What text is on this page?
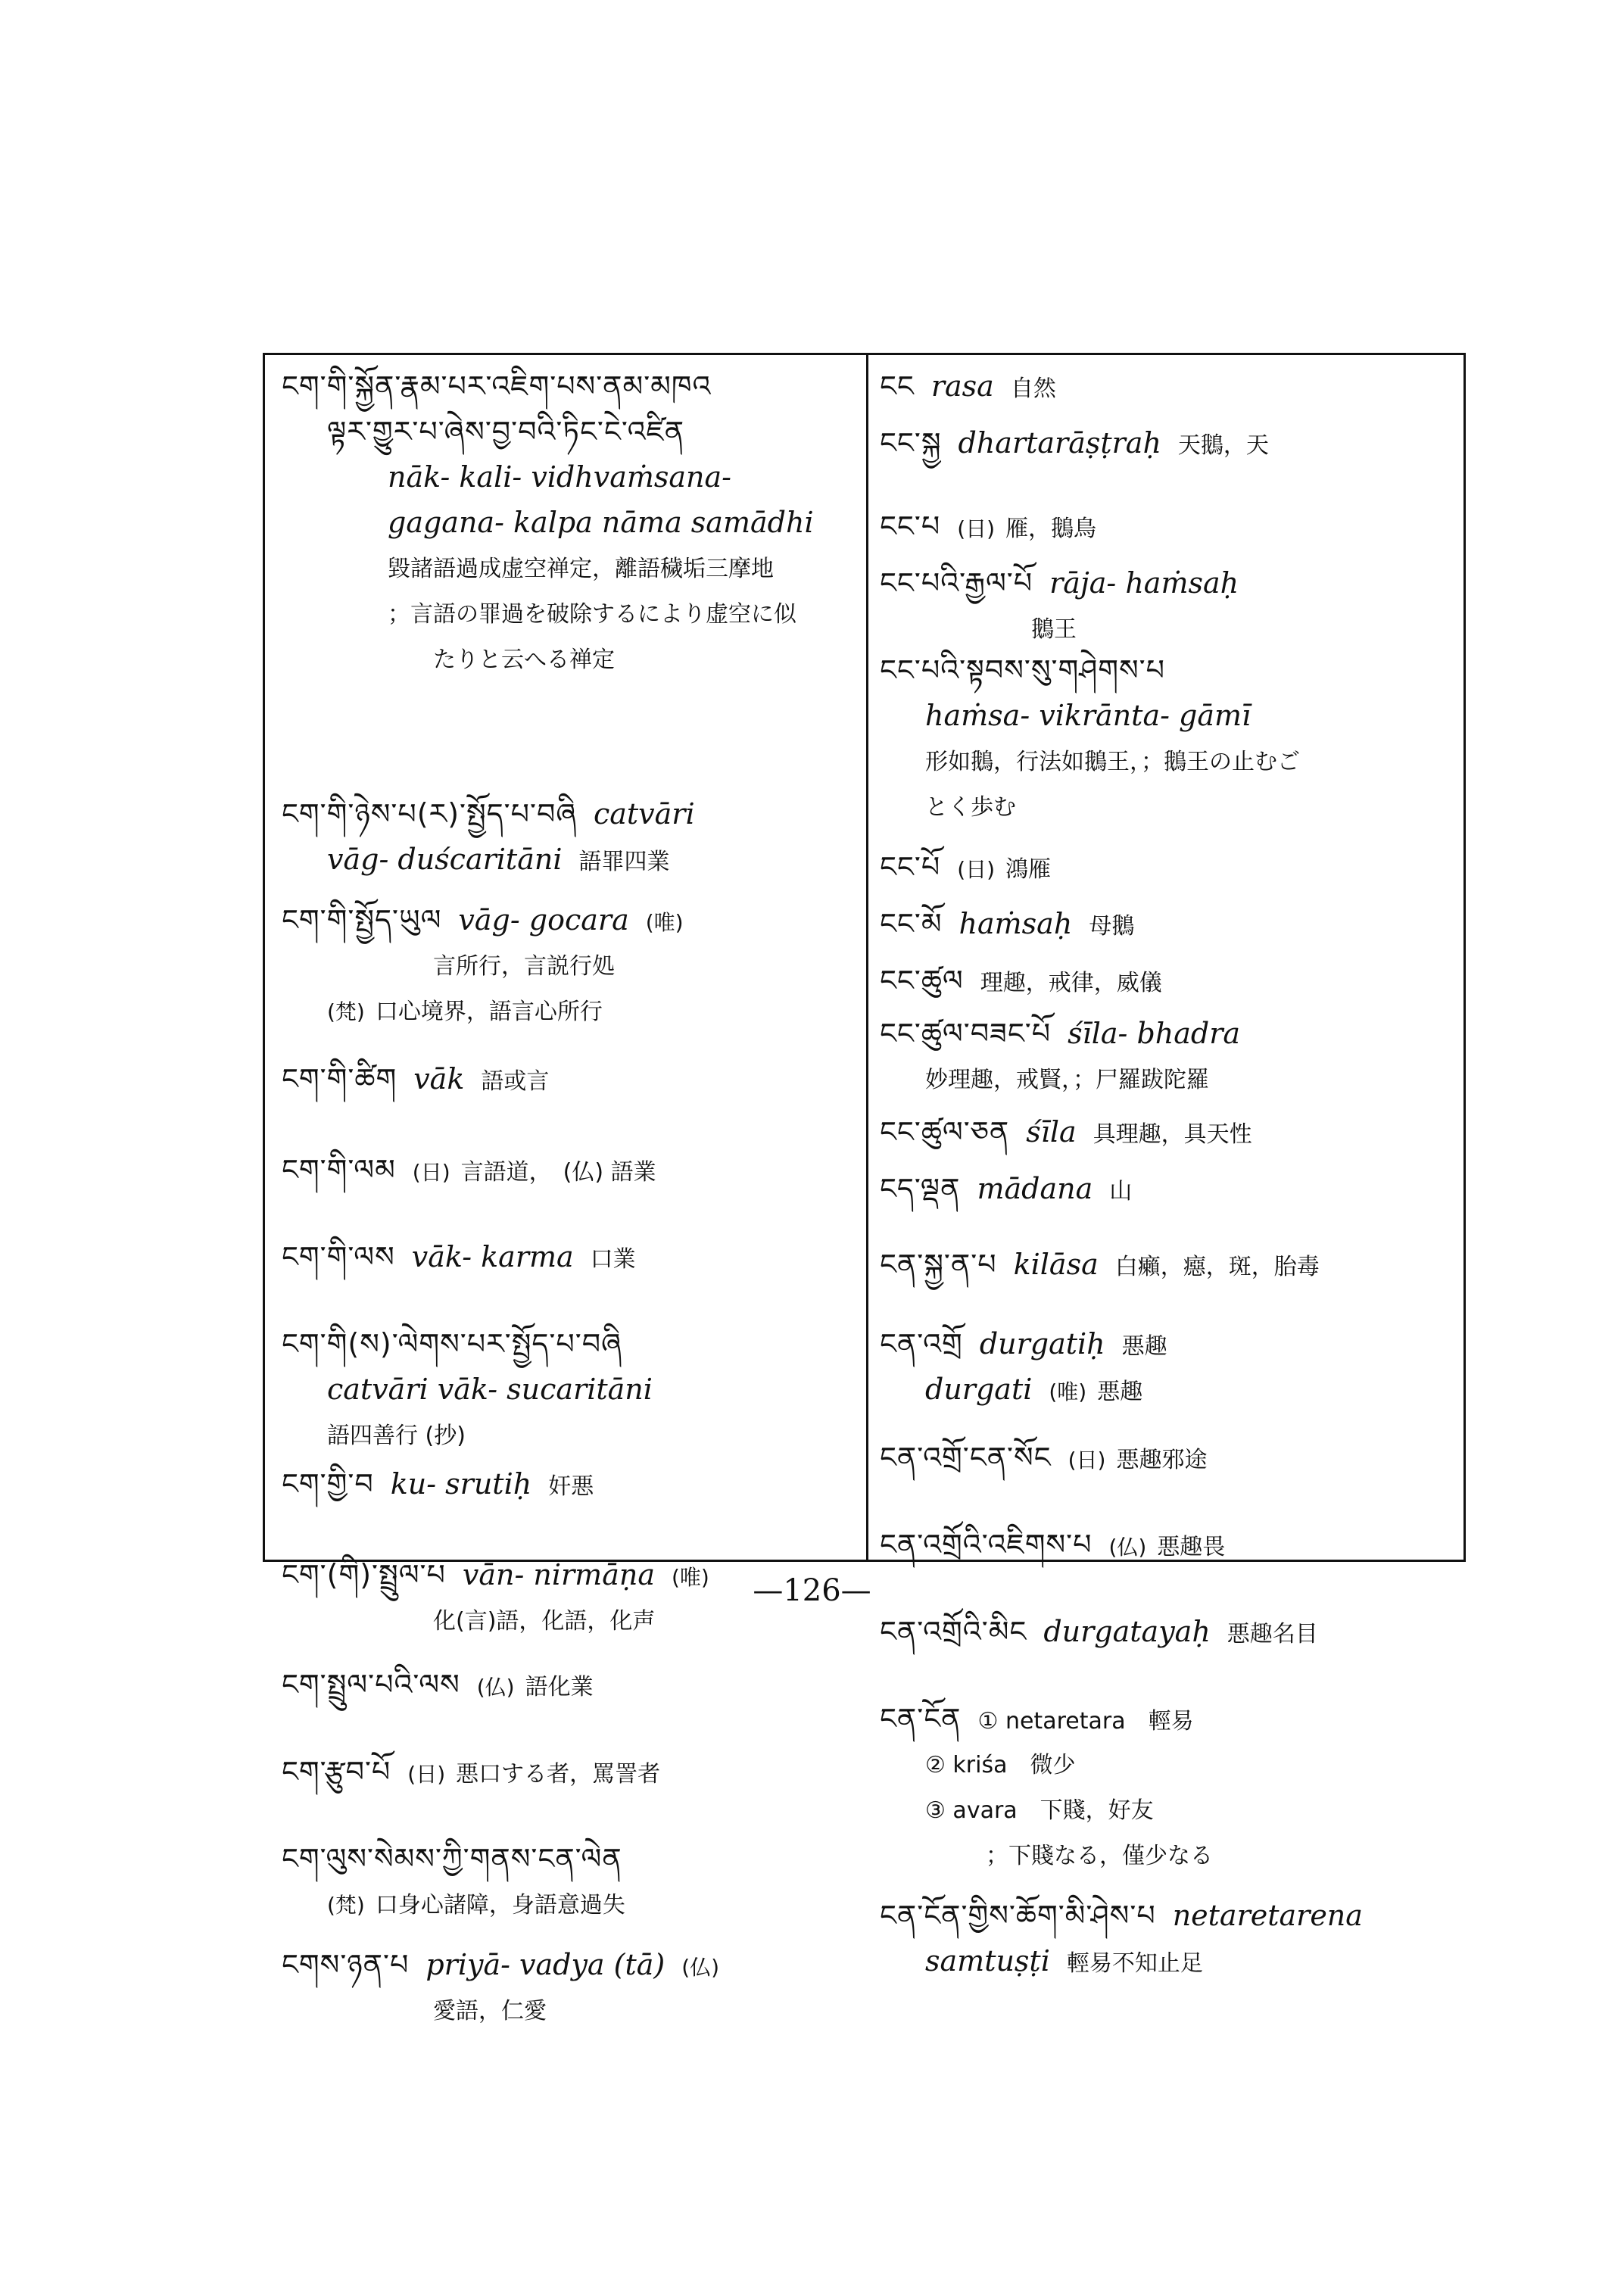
ངག་གི་སྐྱོན་རྣམ་པར་འཇིག་པས་ནམ་མཁའ
ལྟར་གྱུར་པ་ཞེས་བྱ་བའི་ཏིང་ངེ་འཛིན
nāk- kali- vidhvaṁsana-
gagana- kalpa nāma samādhi
毀諸語過成虚空禅定，離語穢垢三摩地
；言語の罪過を破除するにより虚空に似
たりと云へる禅定
ངག་གི་ཉེས་པ(ར)་སྤྱོད་པ་བཞི catvāri
vāg- duścaritāni 語罪四業
ངག་གི་སྤྱོད་ཡུལ vāg- gocara (唯)
言所行，言説行処
(梵) 口心境界，語言心所行
ངག་གི་ཚིག vāk 語或言
ངག་གི་ལམ (日) 言語道，　(仏) 語業
ངག་གི་ལས vāk- karma 口業
ངག་གི(ས)་ལེགས་པར་སྤྱོད་པ་བཞི
catvāri vāk- sucaritāni
語四善行 (抄)
ངག་གྱི་བ ku- srutiḥ 奸悪
ངག་(གི)་སྤྲུལ་པ vān- nirmāṇa (唯)
化(言)語，化語，化声
ངག་སྤྲུལ་པའི་ལས (仏) 語化業
ངག་རྩུབ་པོ (日) 悪口する者，罵詈者
ངག་ལུས་སེམས་ཀྱི་གནས་ངན་ལེན
(梵) 口身心諸障，身語意過失
ངགས་ཉན་པ priyā- vadya (tā) (仏)
愛語，仁愛
ངང rasa 自然
ངང་སྐྱ dhartarāṣṭraḥ 天鵝，天
ངང་པ (日) 雁，鵝鳥
ངང་པའི་རྒྱལ་པོ rāja- haṁsaḥ
鵝王
ངང་པའི་སྟབས་སུ་གཤེགས་པ
haṁsa- vikrānta- gāmī
形如鵝，行法如鵝王，；鵝王の止むご
とく歩む
ངང་པོ (日) 鴻雁
ངང་མོ haṁsaḥ 母鵝
ངང་ཚུལ 理趣，戒律，威儀
ངང་ཚུལ་བཟང་པོ śīla- bhadra
妙理趣，戒賢，；尸羅跋陀羅
ངང་ཚུལ་ཅན śīla 具理趣，具天性
ངད་ལྡན mādana 山
ངན་སྐྱ་ན་པ kilāsa 白癩，癋，斑，胎毒
ངན་འགྲོ durgatiḥ 悪趣
durgati (唯) 悪趣
ངན་འགྲོ་ངན་སོང (日) 悪趣邪途
ངན་འགྲོའི་འཇིགས་པ (仏) 悪趣畏
ངན་འགྲོའི་མིང durgatayaḥ 悪趣名目
ངན་ངོན ① netaretara　輕易
② kriśa　微少
③ avara　下賤，好友
；下賤なる，僅少なる
ངན་ངོན་གྱིས་ཆོག་མི་ཤེས་པ netaretarena
samtuṣṭi 輕易不知止足
—126—
